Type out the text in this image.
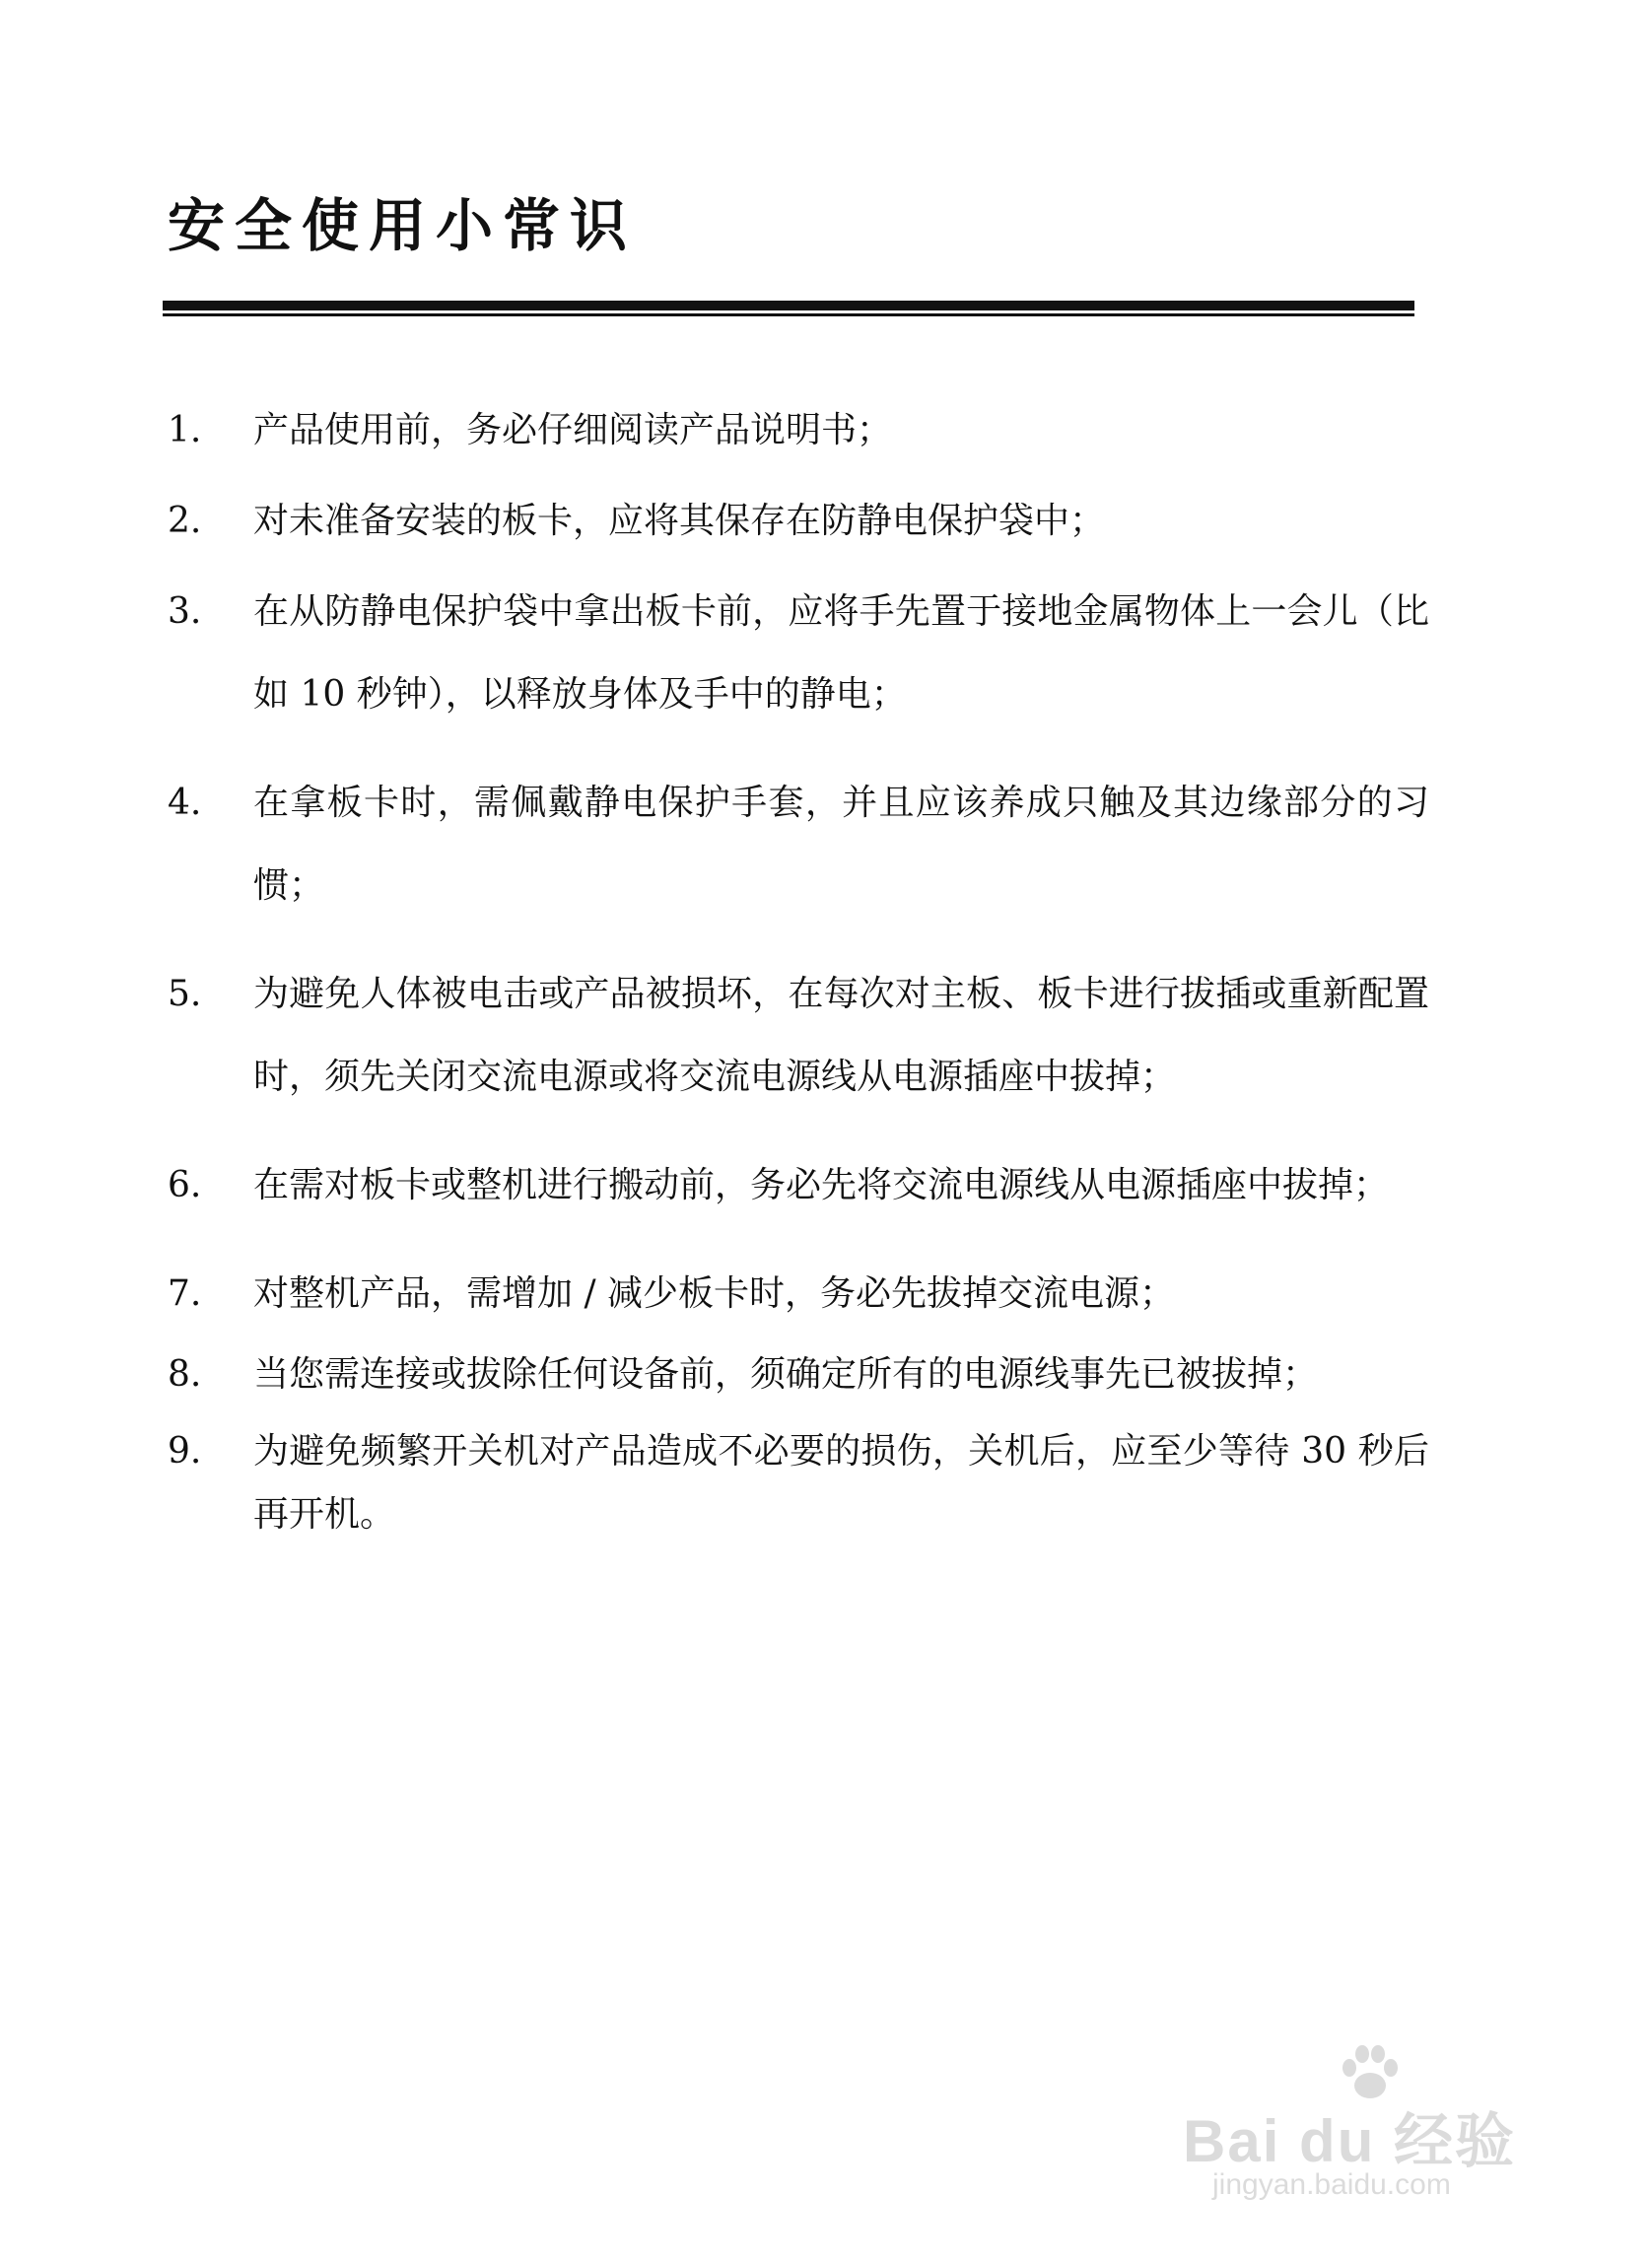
安全使用小常识
1.	产品使用前，务必仔细阅读产品说明书；
2.	对未准备安装的板卡，应将其保存在防静电保护袋中；
3.	在从防静电保护袋中拿出板卡前，应将手先置于接地金属物体上一会儿（比如 10 秒钟），以释放身体及手中的静电；
4.	在拿板卡时，需佩戴静电保护手套，并且应该养成只触及其边缘部分的习惯；
5.	为避免人体被电击或产品被损坏，在每次对主板、板卡进行拔插或重新配置时，须先关闭交流电源或将交流电源线从电源插座中拔掉；
6.	在需对板卡或整机进行搬动前，务必先将交流电源线从电源插座中拔掉；
7.	对整机产品，需增加 / 减少板卡时，务必先拔掉交流电源；
8.	当您需连接或拔除任何设备前，须确定所有的电源线事先已被拔掉；
9.	为避免频繁开关机对产品造成不必要的损伤，关机后，应至少等待 30 秒后再开机。
Bai du 经验
jingyan.baidu.com
